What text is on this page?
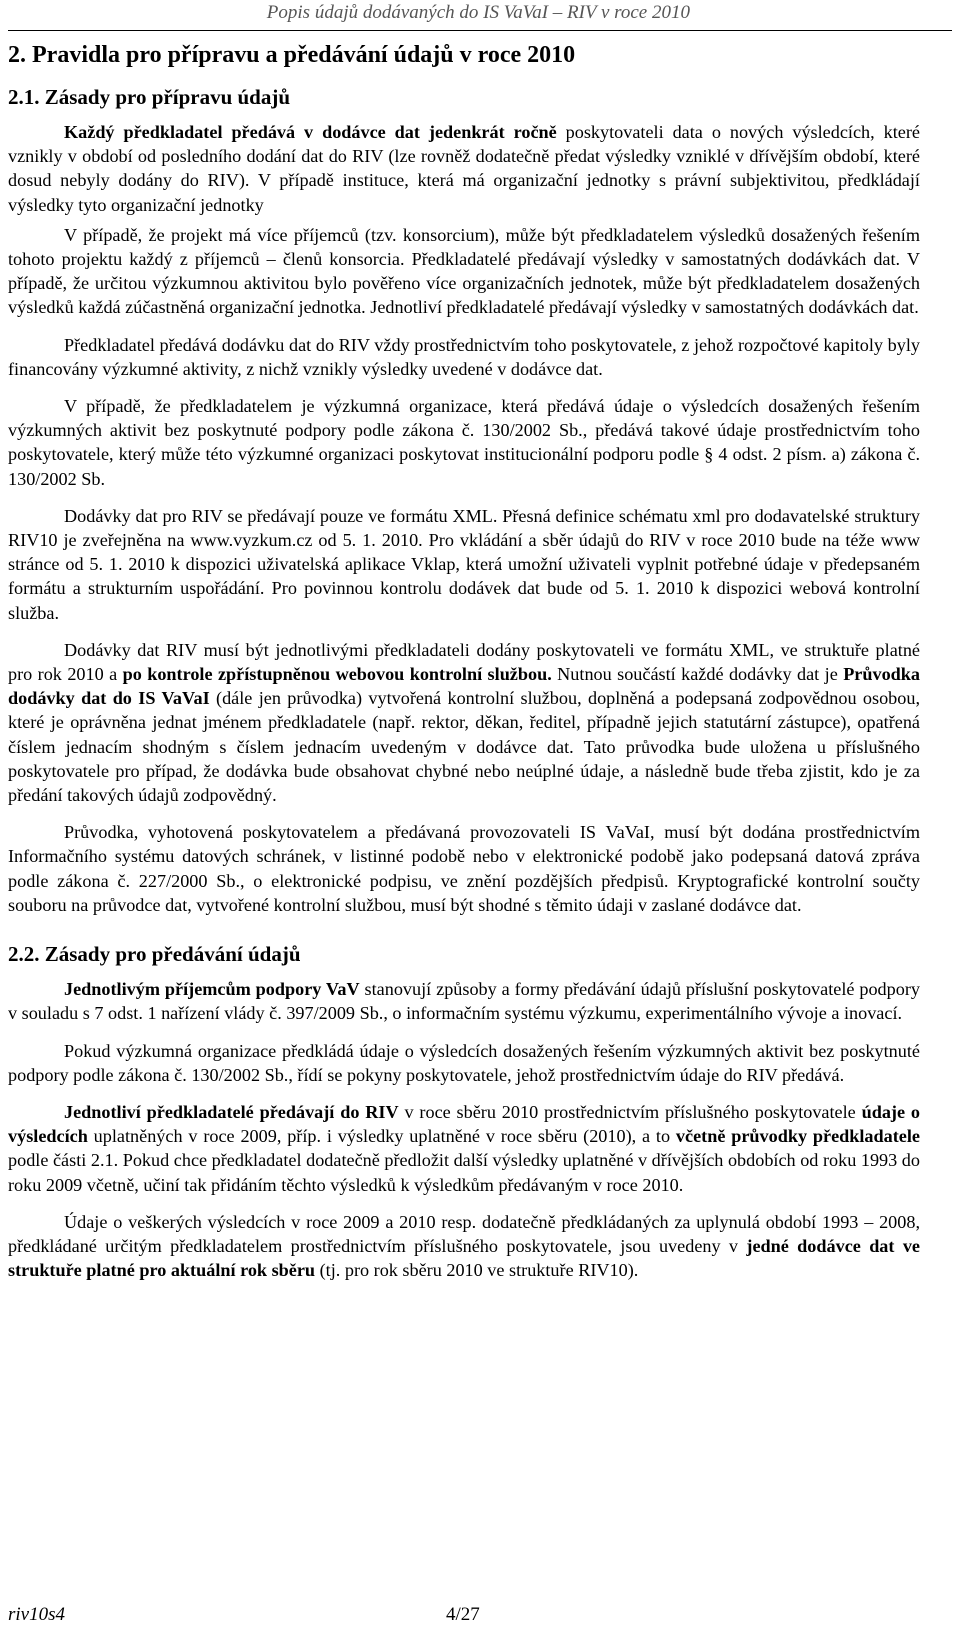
Popis údajů dodávaných do IS VaVaI – RIV v roce 2010
2. Pravidla pro přípravu a předávání údajů v roce 2010
2.1. Zásady pro přípravu údajů

Každý předkladatel předává v dodávce dat jedenkrát ročně poskytovateli data o nových výsledcích, které vznikly v období od posledního dodání dat do RIV (lze rovněž dodatečně předat výsledky vzniklé v dřívějším období, které dosud nebyly dodány do RIV). V případě instituce, která má organizační jednotky s právní subjektivitou, předkládají výsledky tyto organizační jednotky

V případě, že projekt má více příjemců (tzv. konsorcium), může být předkladatelem výsledků dosažených řešením tohoto projektu každý z příjemců – členů konsorcia. Předkladatelé předávají výsledky v samostatných dodávkách dat. V případě, že určitou výzkumnou aktivitou bylo pověřeno více organizačních jednotek, může být předkladatelem dosažených výsledků každá zúčastněná organizační jednotka. Jednotliví předkladatelé předávají výsledky v samostatných dodávkách dat.

Předkladatel předává dodávku dat do RIV vždy prostřednictvím toho poskytovatele, z jehož rozpočtové kapitoly byly financovány výzkumné aktivity, z nichž vznikly výsledky uvedené v dodávce dat.

V případě, že předkladatelem je výzkumná organizace, která předává údaje o výsledcích dosažených řešením výzkumných aktivit bez poskytnuté podpory podle zákona č. 130/2002 Sb., předává takové údaje prostřednictvím toho poskytovatele, který může této výzkumné organizaci poskytovat institucionální podporu podle § 4 odst. 2 písm. a) zákona č. 130/2002 Sb.

Dodávky dat pro RIV se předávají pouze ve formátu XML. Přesná definice schématu xml pro dodavatelské struktury RIV10 je zveřejněna na www.vyzkum.cz od 5. 1. 2010. Pro vkládání a sběr údajů do RIV v roce 2010 bude na téže www stránce od 5. 1. 2010 k dispozici uživatelská aplikace Vklap, která umožní uživateli vyplnit potřebné údaje v předepsaném formátu a strukturním uspořádání. Pro povinnou kontrolu dodávek dat bude od 5. 1. 2010 k dispozici webová kontrolní služba.

Dodávky dat RIV musí být jednotlivými předkladateli dodány poskytovateli ve formátu XML, ve struktuře platné pro rok 2010 a po kontrole zpřístupněnou webovou kontrolní službou. Nutnou součástí každé dodávky dat je Průvodka dodávky dat do IS VaVaI (dále jen průvodka) vytvořená kontrolní službou, doplněná a podepsaná zodpovědnou osobou, které je oprávněna jednat jménem předkladatele (např. rektor, děkan, ředitel, případně jejich statutární zástupce), opatřená číslem jednacím shodným s číslem jednacím uvedeným v dodávce dat. Tato průvodka bude uložena u příslušného poskytovatele pro případ, že dodávka bude obsahovat chybné nebo neúplné údaje, a následně bude třeba zjistit, kdo je za předání takových údajů zodpovědný.

Průvodka, vyhotovená poskytovatelem a předávaná provozovateli IS VaVaI, musí být dodána prostřednictvím Informačního systému datových schránek, v listinné podobě nebo v elektronické podobě jako podepsaná datová zpráva podle zákona č. 227/2000 Sb., o elektronické podpisu, ve znění pozdějších předpisů. Kryptografické kontrolní součty souboru na průvodce dat, vytvořené kontrolní službou, musí být shodné s těmito údaji v zaslané dodávce dat.

2.2. Zásady pro předávání údajů

Jednotlivým příjemcům podpory VaV stanovují způsoby a formy předávání údajů příslušní poskytovatelé podpory v souladu s 7 odst. 1 nařízení vlády č. 397/2009 Sb., o informačním systému výzkumu, experimentálního vývoje a inovací.

Pokud výzkumná organizace předkládá údaje o výsledcích dosažených řešením výzkumných aktivit bez poskytnuté podpory podle zákona č. 130/2002 Sb., řídí se pokyny poskytovatele, jehož prostřednictvím údaje do RIV předává.

Jednotliví předkladatelé předávají do RIV v roce sběru 2010 prostřednictvím příslušného poskytovatele údaje o výsledcích uplatněných v roce 2009, příp. i výsledky uplatněné v roce sběru (2010), a to včetně průvodky předkladatele podle části 2.1. Pokud chce předkladatel dodatečně předložit další výsledky uplatněné v dřívějších obdobích od roku 1993 do roku 2009 včetně, učiní tak přidáním těchto výsledků k výsledkům předávaným v roce 2010.

Údaje o veškerých výsledcích v roce 2009 a 2010 resp. dodatečně předkládaných za uplynulá období 1993 – 2008, předkládané určitým předkladatelem prostřednictvím příslušného poskytovatele, jsou uvedeny v jedné dodávce dat ve struktuře platné pro aktuální rok sběru (tj. pro rok sběru 2010 ve struktuře RIV10).

riv10s4	4/27
